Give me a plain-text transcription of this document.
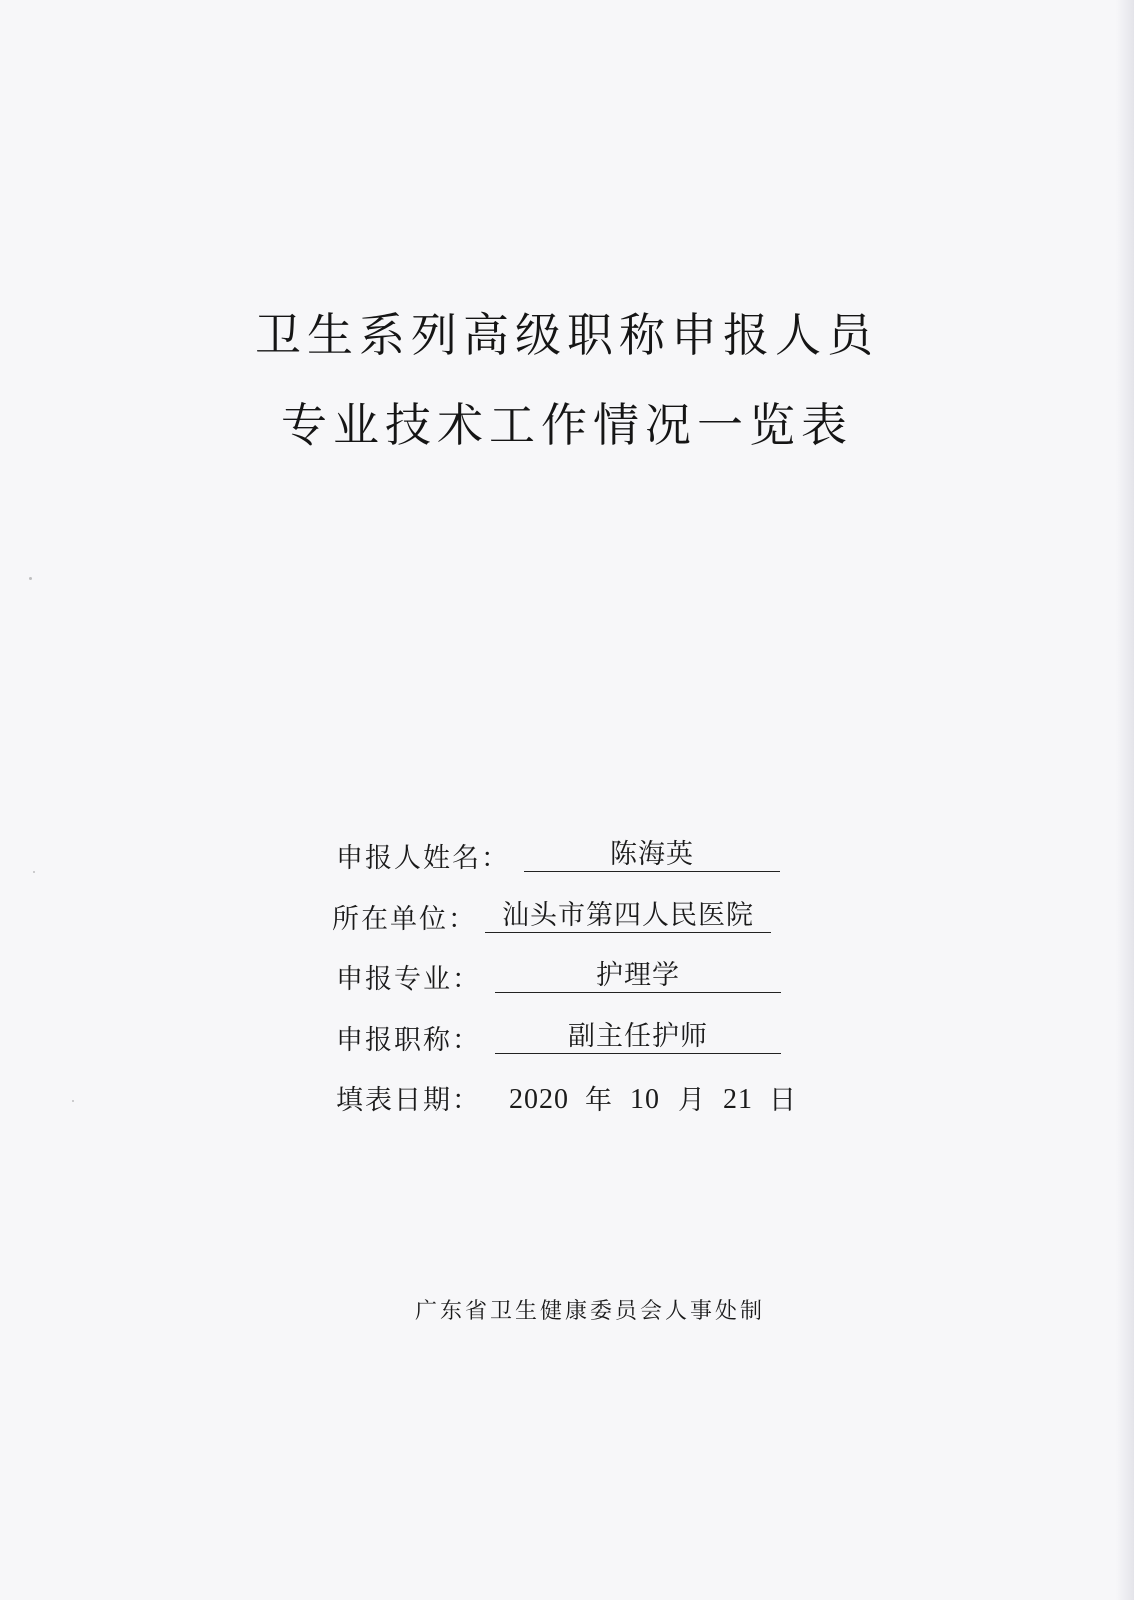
卫生系列高级职称申报人员
专业技术工作情况一览表
申报人姓名：	陈海英
所在单位： 汕头市第四人民医院
申报专业：	护理学
申报职称：	副主任护师
填表日期： 2020 年 10 月 21 日
广东省卫生健康委员会人事处制
